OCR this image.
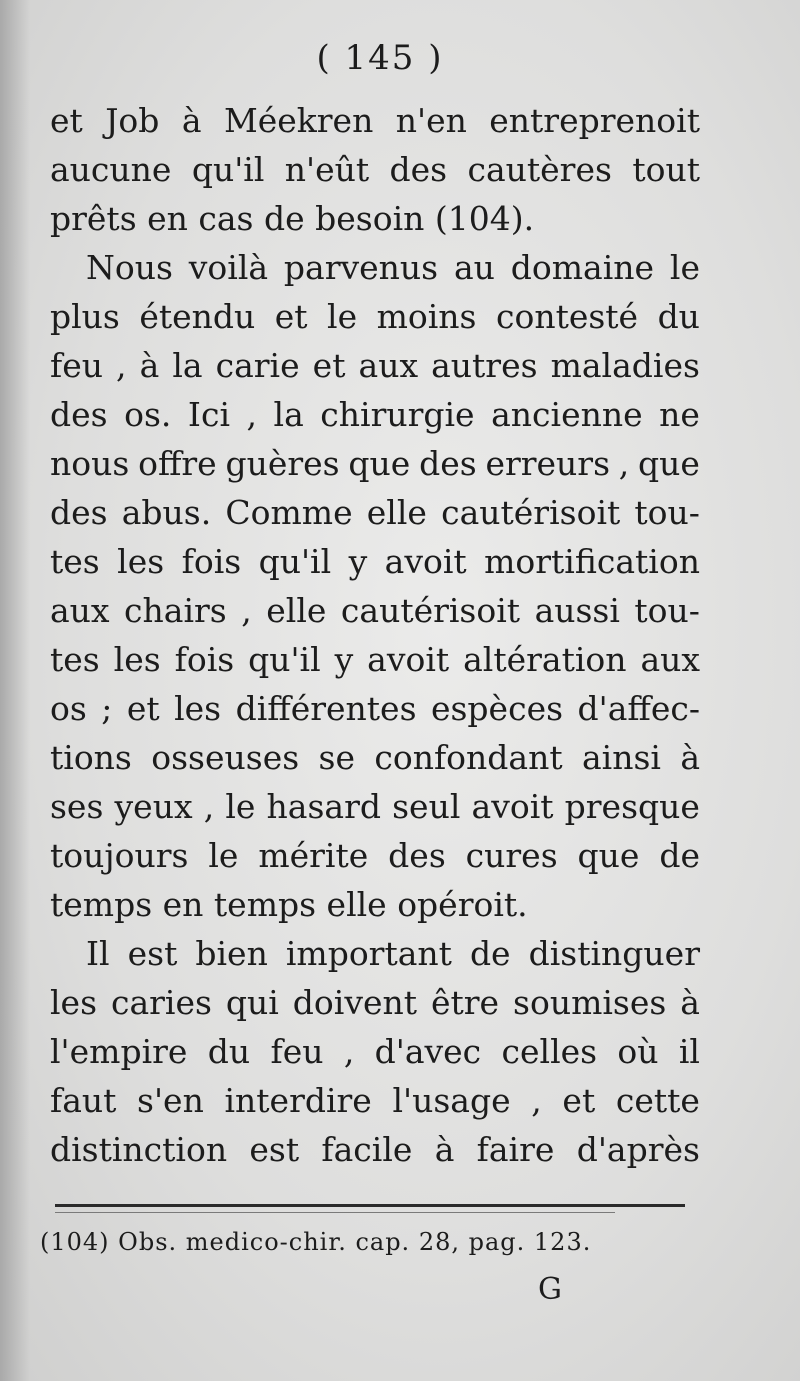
( 145 )
et Job à Méekren n'en entreprenoit
aucune qu'il n'eût des cautères tout
prêts en cas de besoin (104).
Nous voilà parvenus au domaine le
plus étendu et le moins contesté du
feu , à la carie et aux autres maladies
des os. Ici , la chirurgie ancienne ne
nous offre guères que des erreurs , que
des abus. Comme elle cautérisoit tou-
tes les fois qu'il y avoit mortification
aux chairs , elle cautérisoit aussi tou-
tes les fois qu'il y avoit altération aux
os ; et les différentes espèces d'affec-
tions osseuses se confondant ainsi à
ses yeux , le hasard seul avoit presque
toujours le mérite des cures que de
temps en temps elle opéroit.
Il est bien important de distinguer
les caries qui doivent être soumises à
l'empire du feu , d'avec celles où il
faut s'en interdire l'usage , et cette
distinction est facile à faire d'après
(104) Obs. medico-chir. cap. 28, pag. 123.
G
